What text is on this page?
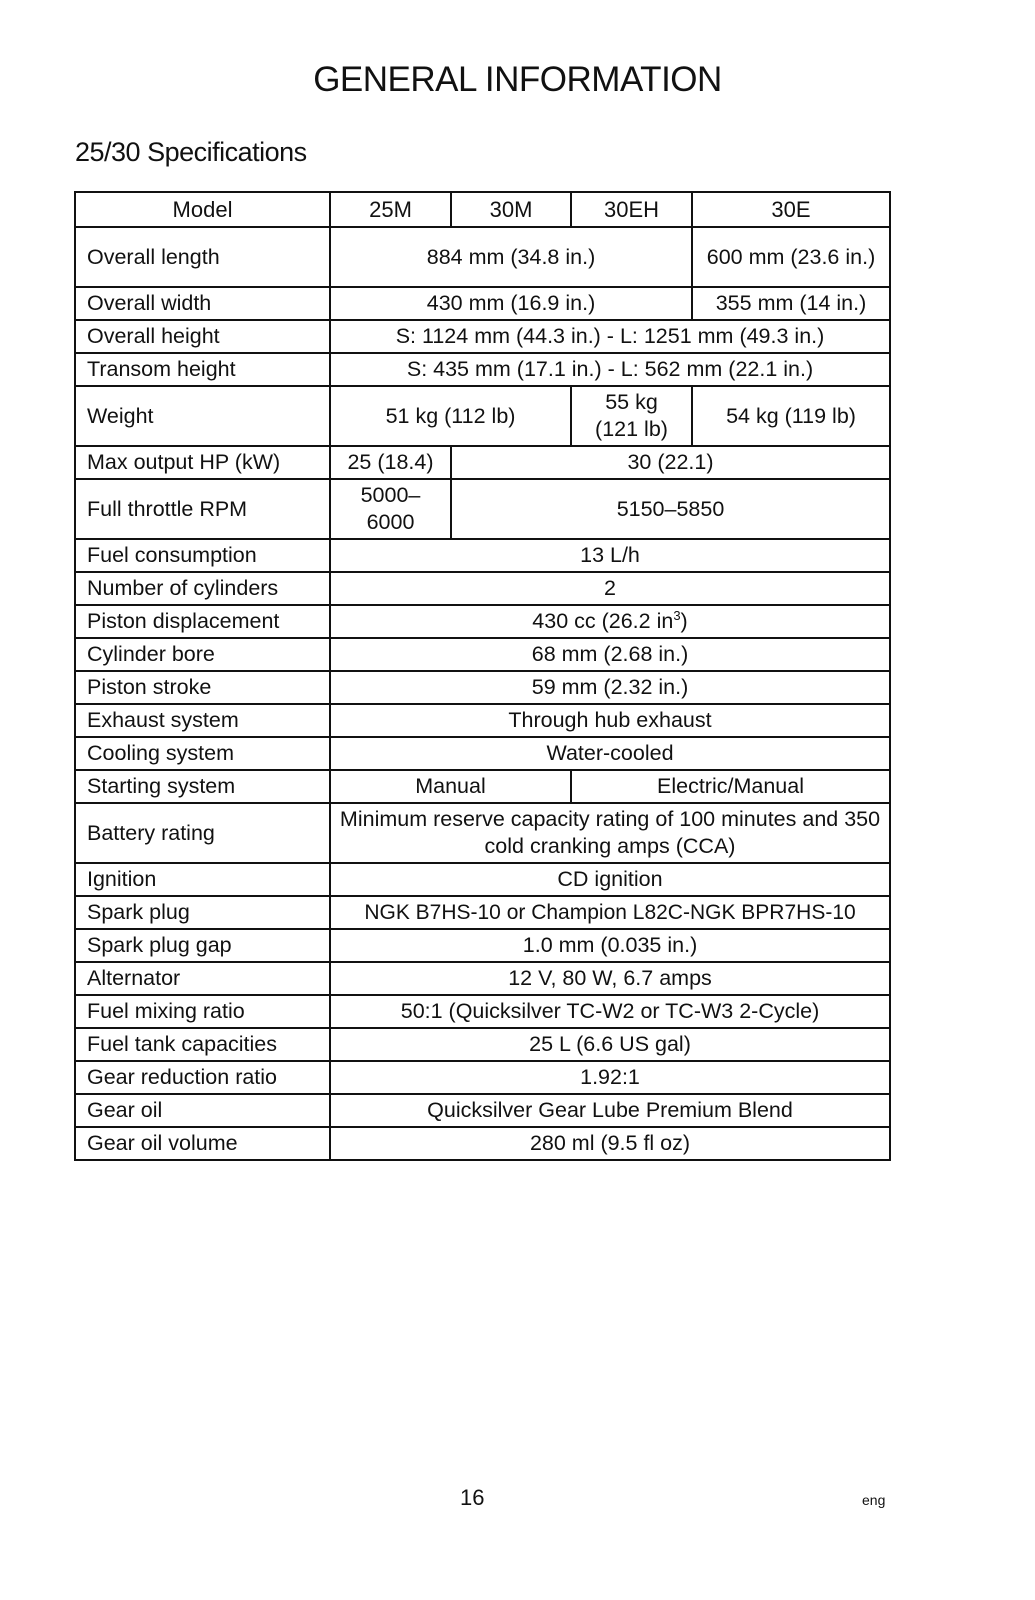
GENERAL INFORMATION
25/30 Specifications
Model	25M	30M	30EH	30E
Overall length	884 mm (34.8 in.)			600 mm (23.6 in.)
Overall width	430 mm (16.9 in.)			355 mm (14 in.)
Overall height	S: 1124 mm (44.3 in.) - L: 1251 mm (49.3 in.)			
Transom height	S: 435 mm (17.1 in.) - L: 562 mm (22.1 in.)			
Weight	51 kg (112 lb)		55 kg (121 lb)	54 kg (119 lb)
Max output HP (kW)	25 (18.4)	30 (22.1)		
Full throttle RPM	5000–6000	5150–5850		
Fuel consumption	13 L/h			
Number of cylinders	2			
Piston displacement	430 cc (26.2 $in^3$)			
Cylinder bore	68 mm (2.68 in.)			
Piston stroke	59 mm (2.32 in.)			
Exhaust system	Through hub exhaust			
Cooling system	Water-cooled			
Starting system	Manual		Electric/Manual	
Battery rating	Minimum reserve capacity rating of 100 minutes and 350 cold cranking amps (CCA)			
Ignition	CD ignition			
Spark plug	NGK B7HS-10 or Champion L82C-NGK BPR7HS-10			
Spark plug gap	1.0 mm (0.035 in.)			
Alternator	12 V, 80 W, 6.7 amps			
Fuel mixing ratio	50:1 (Quicksilver TC-W2 or TC-W3 2-Cycle)			
Fuel tank capacities	25 L (6.6 US gal)			
Gear reduction ratio	1.92:1			
Gear oil	Quicksilver Gear Lube Premium Blend			
Gear oil volume	280 ml (9.5 fl oz)			
16	eng
